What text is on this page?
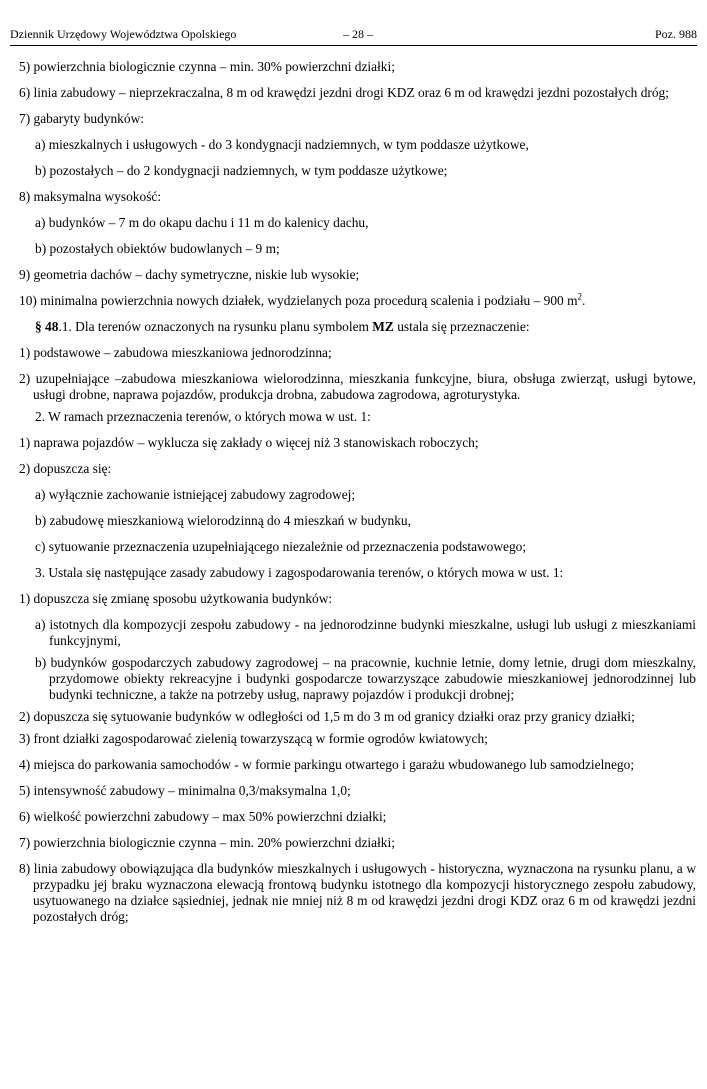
Dziennik Urzędowy Województwa Opolskiego	– 28 –	Poz. 988

5) powierzchnia biologicznie czynna – min. 30% powierzchni działki;

6) linia zabudowy – nieprzekraczalna, 8 m od krawędzi jezdni drogi KDZ oraz 6 m od krawędzi jezdni pozostałych dróg;

7) gabaryty budynków:

a) mieszkalnych i usługowych - do 3 kondygnacji nadziemnych, w tym poddasze użytkowe,

b) pozostałych – do 2 kondygnacji nadziemnych, w tym poddasze użytkowe;

8) maksymalna wysokość:

a) budynków – 7 m do okapu dachu i 11 m do kalenicy dachu,

b) pozostałych obiektów budowlanych – 9 m;

9) geometria dachów – dachy symetryczne, niskie lub wysokie;

10) minimalna powierzchnia nowych działek, wydzielanych poza procedurą scalenia i podziału – 900 $m^2$.

§ 48.1. Dla terenów oznaczonych na rysunku planu symbolem MZ ustala się przeznaczenie:

1) podstawowe – zabudowa mieszkaniowa jednorodzinna;

2) uzupełniające –zabudowa mieszkaniowa wielorodzinna, mieszkania funkcyjne, biura, obsługa zwierząt, usługi bytowe, usługi drobne, naprawa pojazdów, produkcja drobna, zabudowa zagrodowa, agroturystyka.

2. W ramach przeznaczenia terenów, o których mowa w ust. 1:

1) naprawa pojazdów – wyklucza się zakłady o więcej niż 3 stanowiskach roboczych;

2) dopuszcza się:

a) wyłącznie zachowanie istniejącej zabudowy zagrodowej;

b) zabudowę mieszkaniową wielorodzinną do 4 mieszkań w budynku,

c) sytuowanie przeznaczenia uzupełniającego niezależnie od przeznaczenia podstawowego;

3. Ustala się następujące zasady zabudowy i zagospodarowania terenów, o których mowa w ust. 1:

1) dopuszcza się zmianę sposobu użytkowania budynków:

a) istotnych dla kompozycji zespołu zabudowy - na jednorodzinne budynki mieszkalne, usługi lub usługi z mieszkaniami funkcyjnymi,

b) budynków gospodarczych zabudowy zagrodowej – na pracownie, kuchnie letnie, domy letnie, drugi dom mieszkalny, przydomowe obiekty rekreacyjne i budynki gospodarcze towarzyszące zabudowie mieszkaniowej jednorodzinnej lub budynki techniczne, a także na potrzeby usług, naprawy pojazdów i produkcji drobnej;

2) dopuszcza się sytuowanie budynków w odległości od 1,5 m do 3 m od granicy działki oraz przy granicy działki;

3) front działki zagospodarować zielenią towarzyszącą w formie ogrodów kwiatowych;

4) miejsca do parkowania samochodów - w formie parkingu otwartego i garażu wbudowanego lub samodzielnego;

5) intensywność zabudowy – minimalna 0,3/maksymalna 1,0;

6) wielkość powierzchni zabudowy – max 50% powierzchni działki;

7) powierzchnia biologicznie czynna – min. 20% powierzchni działki;

8) linia zabudowy obowiązująca dla budynków mieszkalnych i usługowych - historyczna, wyznaczona na rysunku planu, a w przypadku jej braku wyznaczona elewacją frontową budynku istotnego dla kompozycji historycznego zespołu zabudowy, usytuowanego na działce sąsiedniej, jednak nie mniej niż 8 m od krawędzi jezdni drogi KDZ oraz 6 m od krawędzi jezdni pozostałych dróg;
